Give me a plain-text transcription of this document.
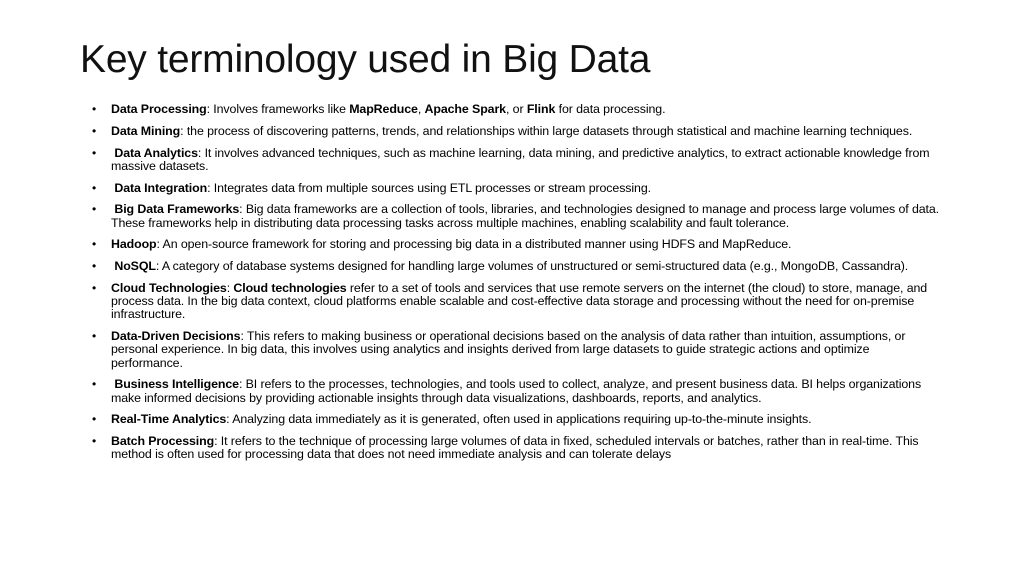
Key terminology used in Big Data
• Data Processing: Involves frameworks like MapReduce, Apache Spark, or Flink for data processing.
• Data Mining: the process of discovering patterns, trends, and relationships within large datasets through statistical and machine learning techniques.
• Data Analytics: It involves advanced techniques, such as machine learning, data mining, and predictive analytics, to extract actionable knowledge from massive datasets.
• Data Integration: Integrates data from multiple sources using ETL processes or stream processing.
• Big Data Frameworks: Big data frameworks are a collection of tools, libraries, and technologies designed to manage and process large volumes of data. These frameworks help in distributing data processing tasks across multiple machines, enabling scalability and fault tolerance.
• Hadoop: An open-source framework for storing and processing big data in a distributed manner using HDFS and MapReduce.
• NoSQL: A category of database systems designed for handling large volumes of unstructured or semi-structured data (e.g., MongoDB, Cassandra).
• Cloud Technologies: Cloud technologies refer to a set of tools and services that use remote servers on the internet (the cloud) to store, manage, and process data. In the big data context, cloud platforms enable scalable and cost-effective data storage and processing without the need for on-premise infrastructure.
• Data-Driven Decisions: This refers to making business or operational decisions based on the analysis of data rather than intuition, assumptions, or personal experience. In big data, this involves using analytics and insights derived from large datasets to guide strategic actions and optimize performance.
• Business Intelligence: BI refers to the processes, technologies, and tools used to collect, analyze, and present business data. BI helps organizations make informed decisions by providing actionable insights through data visualizations, dashboards, reports, and analytics.
• Real-Time Analytics: Analyzing data immediately as it is generated, often used in applications requiring up-to-the-minute insights.
• Batch Processing: It refers to the technique of processing large volumes of data in fixed, scheduled intervals or batches, rather than in real-time. This method is often used for processing data that does not need immediate analysis and can tolerate delays
